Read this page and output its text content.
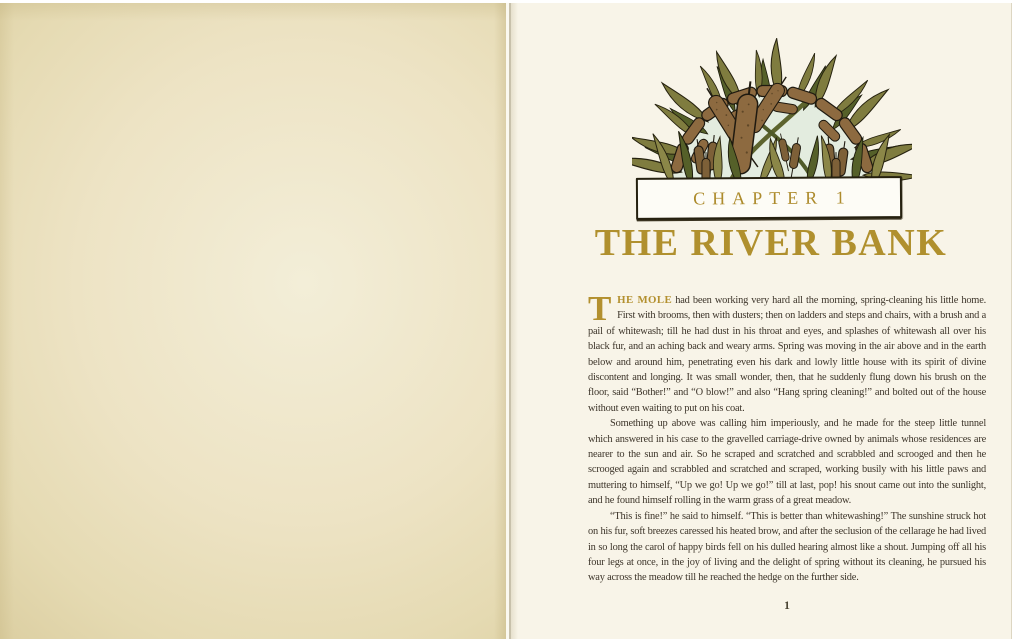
CHAPTER 1
THE RIVER BANK

THE MOLE had been working very hard all the morning, spring-cleaning his little home. First with brooms, then with dusters; then on ladders and steps and chairs, with a brush and a pail of whitewash; till he had dust in his throat and eyes, and splashes of whitewash all over his black fur, and an aching back and weary arms. Spring was moving in the air above and in the earth below and around him, penetrating even his dark and lowly little house with its spirit of divine discontent and longing. It was small wonder, then, that he suddenly flung down his brush on the floor, said “Bother!” and “O blow!” and also “Hang spring cleaning!” and bolted out of the house without even waiting to put on his coat.

Something up above was calling him imperiously, and he made for the steep little tunnel which answered in his case to the gravelled carriage-drive owned by animals whose residences are nearer to the sun and air. So he scraped and scratched and scrabbled and scrooged and then he scrooged again and scrabbled and scratched and scraped, working busily with his little paws and muttering to himself, “Up we go! Up we go!” till at last, pop! his snout came out into the sunlight, and he found himself rolling in the warm grass of a great meadow.

“This is fine!” he said to himself. “This is better than whitewashing!” The sunshine struck hot on his fur, soft breezes caressed his heated brow, and after the seclusion of the cellarage he had lived in so long the carol of happy birds fell on his dulled hearing almost like a shout. Jumping off all his four legs at once, in the joy of living and the delight of spring without its cleaning, he pursued his way across the meadow till he reached the hedge on the further side.

1
